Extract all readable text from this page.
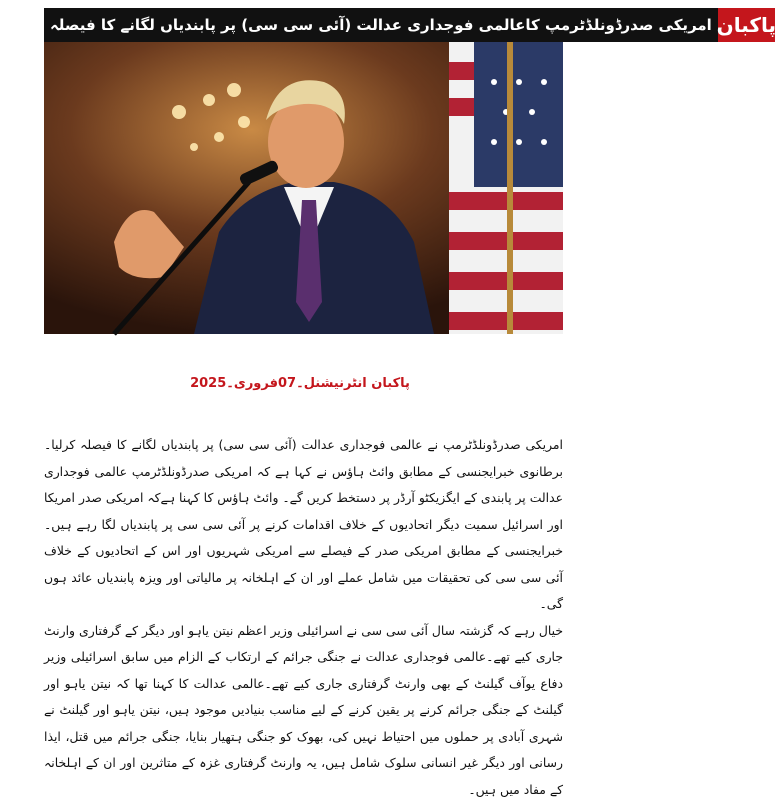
امریکی صدرڈونلڈٹرمپ کاعالمی فوجداری عدالت (آئی سی سی) پر پابندیاں لگانے کا فیصلہ پاکبان
پاکبان انٹرنیشنل۔07فروری۔2025

امریکی صدرڈونلڈٹرمپ نے عالمی فوجداری عدالت (آئی سی سی) پر پابندیاں لگانے کا فیصلہ کرلیا۔برطانوی خبرایجنسی کے مطابق وائٹ ہاؤس نے کہا ہے کہ امریکی صدرڈونلڈٹرمپ عالمی فوجداری عدالت پر پابندی کے ایگزیکٹو آرڈر پر دستخط کریں گے۔ وائٹ ہاؤس کا کہنا ہےکہ امریکی صدر امریکا اور اسرائیل سمیت دیگر اتحادیوں کے خلاف اقدامات کرنے پر آئی سی سی پر پابندیاں لگا رہے ہیں۔خبرایجنسی کے مطابق امریکی صدر کے فیصلے سے امریکی شہریوں اور اس کے اتحادیوں کے خلاف آئی سی سی کی تحقیقات میں شامل عملے اور ان کے اہلخانہ پر مالیاتی اور ویزہ پابندیاں عائد ہوں گی۔

خیال رہے کہ گزشتہ سال آئی سی سی نے اسرائیلی وزیر اعظم نیتن یاہو اور دیگر کے گرفتاری وارنٹ جاری کیے تھے۔عالمی فوجداری عدالت نے جنگی جرائم کے ارتکاب کے الزام میں سابق اسرائیلی وزیر دفاع یوآف گیلنٹ کے بھی وارنٹ گرفتاری جاری کیے تھے۔عالمی عدالت کا کہنا تھا کہ نیتن یاہو اور گیلنٹ کے جنگی جرائم کرنے پر یقین کرنے کے لیے مناسب بنیادیں موجود ہیں، نیتن یاہو اور گیلنٹ نے شہری آبادی پر حملوں میں احتیاط نہیں کی، بھوک کو جنگی ہتھیار بنایا، جنگی جرائم میں قتل، ایذا رسانی اور دیگر غیر انسانی سلوک شامل ہیں، یہ وارنٹ گرفتاری غزہ کے متاثرین اور ان کے اہلخانہ کے مفاد میں ہیں۔
